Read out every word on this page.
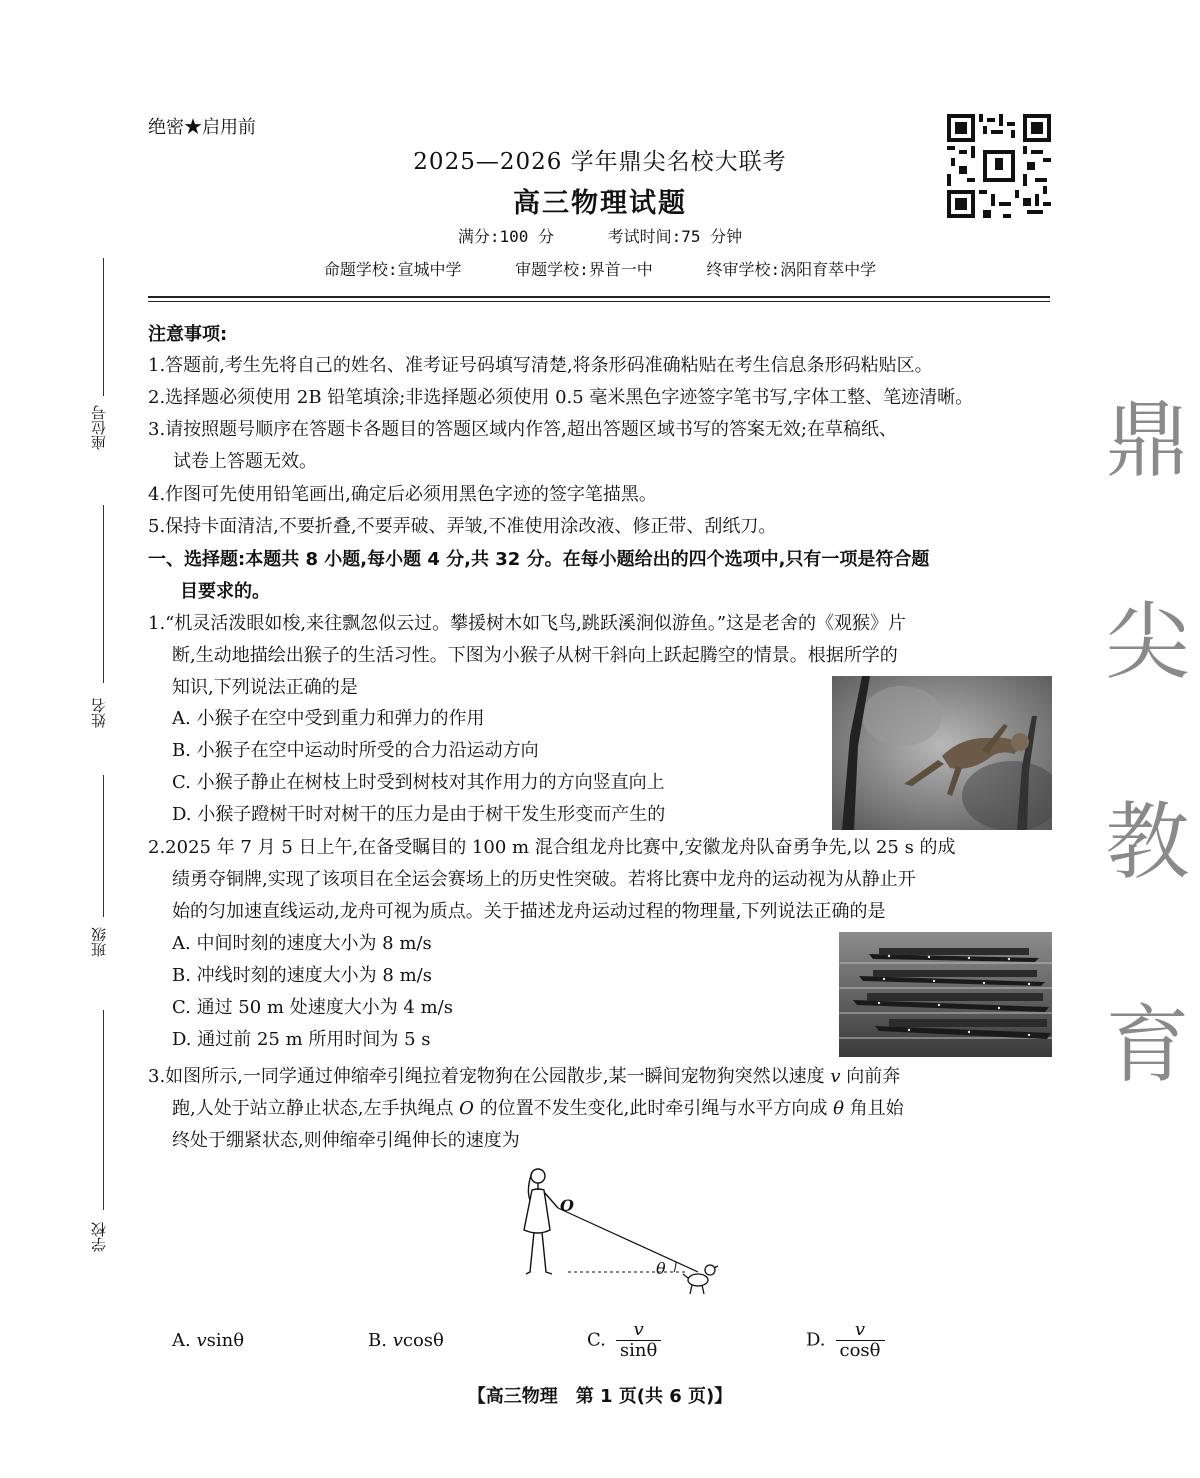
绝密★启用前
2025—2026 学年鼎尖名校大联考
高三物理试题
满分:100 分	考试时间:75 分钟
命题学校:宣城中学	审题学校:界首一中	终审学校:涡阳育萃中学
座位号
姓名
班级
学校
鼎
尖
教
育
注意事项:
1.答题前,考生先将自己的姓名、准考证号码填写清楚,将条形码准确粘贴在考生信息条形码粘贴区。
2.选择题必须使用 2B 铅笔填涂;非选择题必须使用 0.5 毫米黑色字迹签字笔书写,字体工整、笔迹清晰。
3.请按照题号顺序在答题卡各题目的答题区域内作答,超出答题区域书写的答案无效;在草稿纸、
试卷上答题无效。
4.作图可先使用铅笔画出,确定后必须用黑色字迹的签字笔描黑。
5.保持卡面清洁,不要折叠,不要弄破、弄皱,不准使用涂改液、修正带、刮纸刀。
一、选择题:本题共 8 小题,每小题 4 分,共 32 分。在每小题给出的四个选项中,只有一项是符合题
目要求的。
1.“机灵活泼眼如梭,来往飘忽似云过。攀援树木如飞鸟,跳跃溪涧似游鱼。”这是老舍的《观猴》片
断,生动地描绘出猴子的生活习性。下图为小猴子从树干斜向上跃起腾空的情景。根据所学的
知识,下列说法正确的是
A. 小猴子在空中受到重力和弹力的作用
B. 小猴子在空中运动时所受的合力沿运动方向
C. 小猴子静止在树枝上时受到树枝对其作用力的方向竖直向上
D. 小猴子蹬树干时对树干的压力是由于树干发生形变而产生的
2.2025 年 7 月 5 日上午,在备受瞩目的 100 m 混合组龙舟比赛中,安徽龙舟队奋勇争先,以 25 s 的成
绩勇夺铜牌,实现了该项目在全运会赛场上的历史性突破。若将比赛中龙舟的运动视为从静止开
始的匀加速直线运动,龙舟可视为质点。关于描述龙舟运动过程的物理量,下列说法正确的是
A. 中间时刻的速度大小为 8 m/s
B. 冲线时刻的速度大小为 8 m/s
C. 通过 50 m 处速度大小为 4 m/s
D. 通过前 25 m 所用时间为 5 s
3.如图所示,一同学通过伸缩牵引绳拉着宠物狗在公园散步,某一瞬间宠物狗突然以速度 v 向前奔
跑,人处于站立静止状态,左手执绳点 O 的位置不发生变化,此时牵引绳与水平方向成 θ 角且始
终处于绷紧状态,则伸缩牵引绳伸长的速度为
O
θ
A. vsinθ	B. vcosθ	C. $\frac{v}{\sin\theta}$	D. $\frac{v}{\cos\theta}$
【高三物理　第 1 页(共 6 页)】
